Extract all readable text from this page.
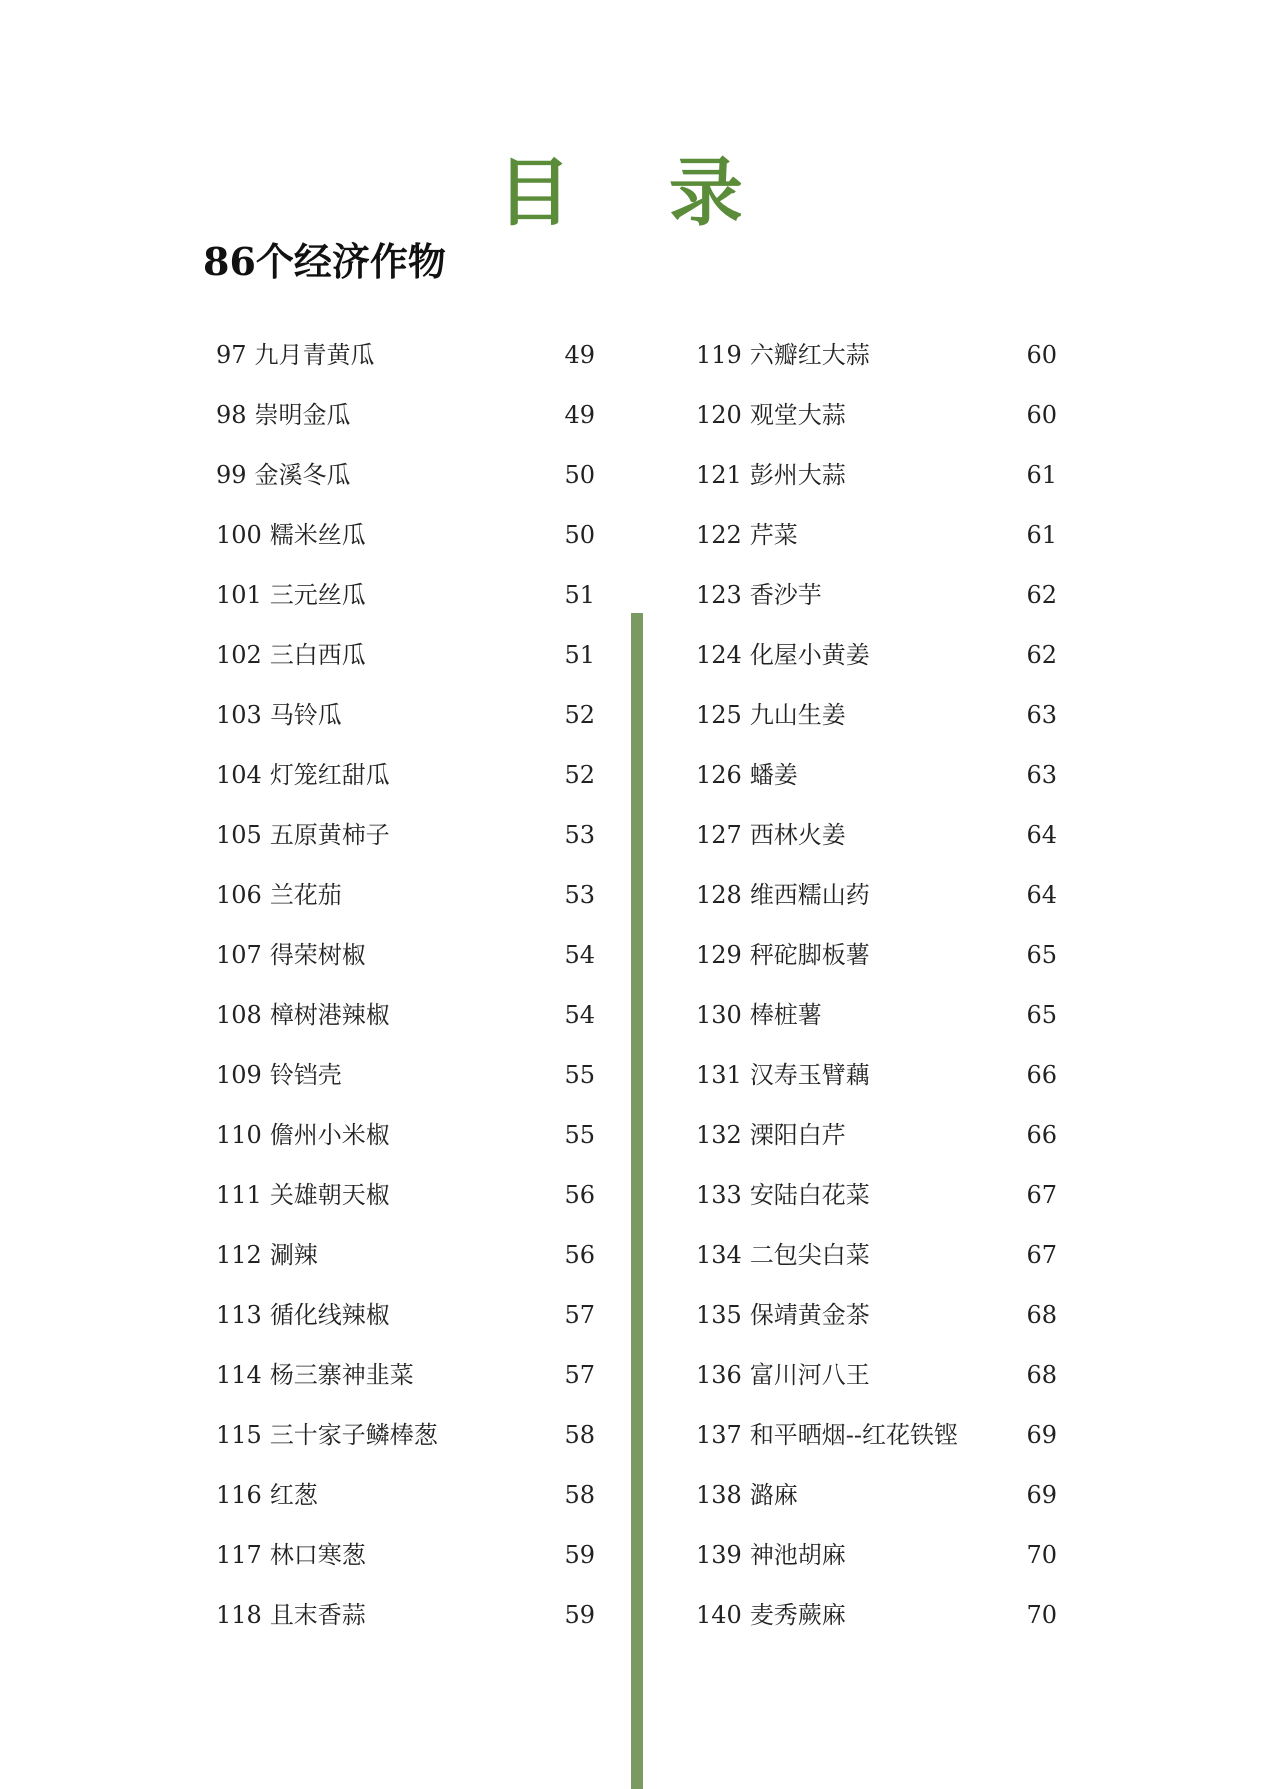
目 录
86个经济作物
97 九月青黄瓜	49
98 崇明金瓜	49
99 金溪冬瓜	50
100 糯米丝瓜	50
101 三元丝瓜	51
102 三白西瓜	51
103 马铃瓜	52
104 灯笼红甜瓜	52
105 五原黄柿子	53
106 兰花茄	53
107 得荣树椒	54
108 樟树港辣椒	54
109 铃铛壳	55
110 儋州小米椒	55
111 关雄朝天椒	56
112 涮辣	56
113 循化线辣椒	57
114 杨三寨神韭菜	57
115 三十家子鳞棒葱	58
116 红葱	58
117 林口寒葱	59
118 且末香蒜	59
119 六瓣红大蒜	60
120 观堂大蒜	60
121 彭州大蒜	61
122 芹菜	61
123 香沙芋	62
124 化屋小黄姜	62
125 九山生姜	63
126 蟠姜	63
127 西林火姜	64
128 维西糯山药	64
129 秤砣脚板薯	65
130 棒桩薯	65
131 汉寿玉臂藕	66
132 溧阳白芹	66
133 安陆白花菜	67
134 二包尖白菜	67
135 保靖黄金茶	68
136 富川河八王	68
137 和平晒烟--红花铁铿	69
138 潞麻	69
139 神池胡麻	70
140 麦秀蕨麻	70
